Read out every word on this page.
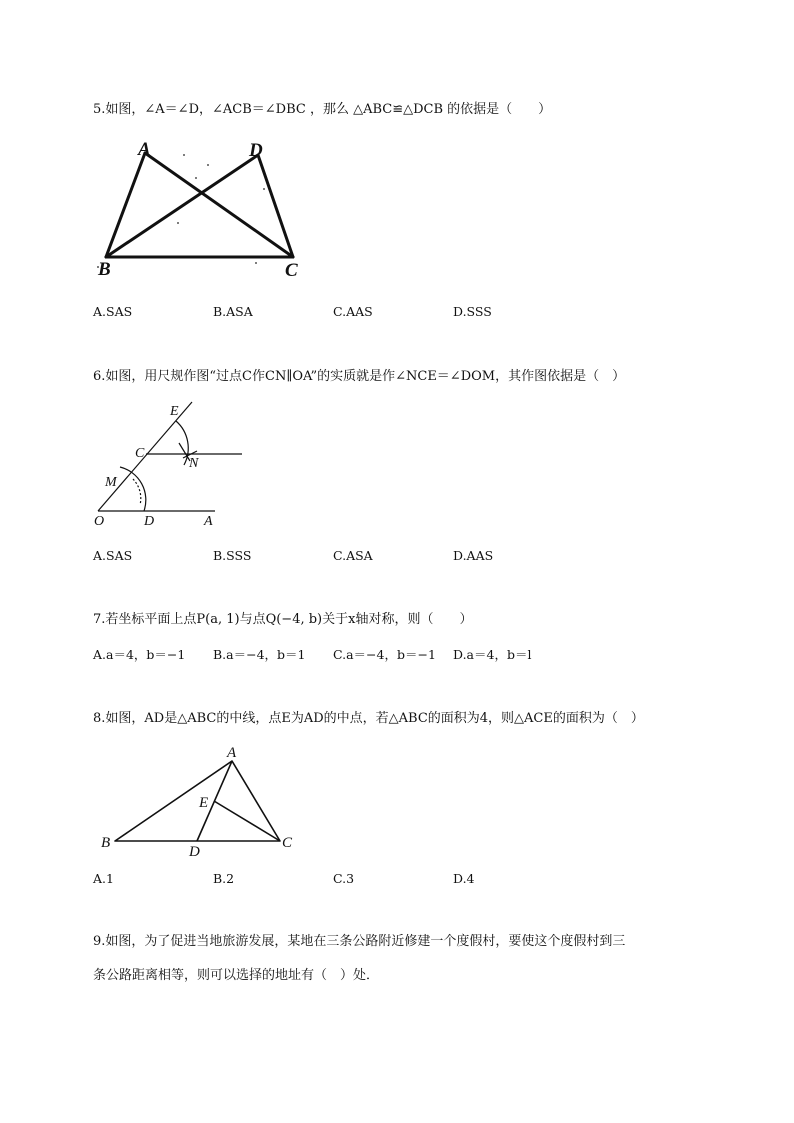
5.如图，∠A＝∠D，∠ACB＝∠DBC ，那么 △ABC≌△DCB 的依据是（　　）
A	D
B	C
A.SAS	B.ASA	C.AAS	D.SSS
6.如图，用尺规作图“过点C作CN∥OA”的实质就是作∠NCE＝∠DOM，其作图依据是（　）
E
C
N
M
O	D	A
A.SAS	B.SSS	C.ASA	D.AAS
7.若坐标平面上点P(a, 1)与点Q(−4, b)关于x轴对称，则（　　）
A.a＝4，b＝−1 B.a＝−4，b＝1 C.a＝−4，b＝−1 D.a＝4，b＝l
8.如图，AD是△ABC的中线，点E为AD的中点，若△ABC的面积为4，则△ACE的面积为（　）
A
E
B
D
C
A.1	B.2	C.3	D.4
9.如图，为了促进当地旅游发展，某地在三条公路附近修建一个度假村，要使这个度假村到三
条公路距离相等，则可以选择的地址有（　）处．
